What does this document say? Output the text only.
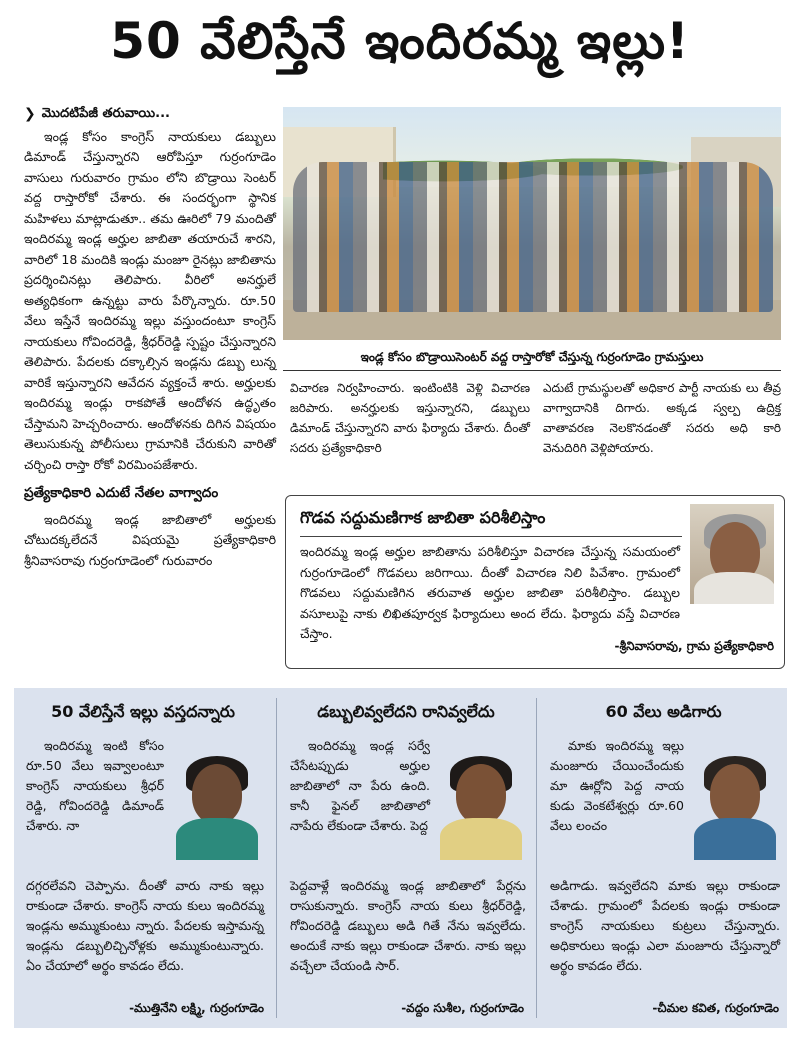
50 వేలిస్తేనే ఇందిరమ్మ ఇల్లు!
❯ మొదటిపేజీ తరువాయి...

ఇండ్ల కోసం కాంగ్రెస్ నాయకులు డబ్బులు డిమాండ్ చేస్తున్నారని ఆరోపిస్తూ గుర్రంగూడెం వాసులు గురువారం గ్రామం లోని బొడ్రాయి సెంటర్ వద్ద రాస్తారోకో చేశారు. ఈ సందర్భంగా స్థానిక మహిళలు మాట్లాడుతూ.. తమ ఊరిలో 79 మందితో ఇందిరమ్మ ఇండ్ల అర్హుల జాబితా తయారుచే శారని, వారిలో 18 మందికి ఇండ్లు మంజూ రైనట్లు జాబితాను ప్రదర్శించినట్లు తెలిపారు. వీరిలో అనర్హులే అత్యధికంగా ఉన్నట్టు వారు పేర్కొన్నారు. రూ.50 వేలు ఇస్తేనే ఇందిరమ్మ ఇల్లు వస్తుందంటూ కాంగ్రెస్ నాయకులు గోవిందరెడ్డి, శ్రీధర్‌రెడ్డి స్పష్టం చేస్తున్నారని తెలిపారు. పేదలకు దక్కాల్సిన ఇండ్లను డబ్బు లున్న వారికే ఇస్తున్నారని ఆవేదన వ్యక్తంచే శారు. అర్హులకు ఇందిరమ్మ ఇండ్లు రాకపోతే ఆందోళన ఉద్ధృతం చేస్తామని హెచ్చరించారు. ఆందోళనకు దిగిన విషయం తెలుసుకున్న పోలీసులు గ్రామానికి చేరుకుని వారితో చర్చించి రాస్తా రోకో విరమింపజేశారు.

ప్రత్యేకాధికారి ఎదుటే నేతల వాగ్వాదం

ఇందిరమ్మ ఇండ్ల జాబితాలో అర్హులకు చోటుదక్కలేదనే విషయమై ప్రత్యేకాధికారి శ్రీనివాసరావు గుర్రంగూడెంలో గురువారం

ఇండ్ల కోసం బొడ్రాయిసెంటర్ వద్ద రాస్తారోకో చేస్తున్న గుర్రంగూడెం గ్రామస్తులు
విచారణ నిర్వహించారు. ఇంటింటికి వెళ్లి విచారణ జరిపారు. అనర్హులకు ఇస్తున్నారని, డబ్బులు డిమాండ్ చేస్తున్నారని వారు ఫిర్యాదు చేశారు. దీంతో సదరు ప్రత్యేకాధికారి
ఎదుటే గ్రామస్థులతో అధికార పార్టీ నాయకు లు తీవ్ర వాగ్వాదానికి దిగారు. అక్కడ స్వల్ప ఉద్రిక్త వాతావరణ నెలకొనడంతో సదరు అధి కారి వెనుదిరిగి వెళ్లిపోయారు.
గొడవ సద్దుమణిగాక జాబితా పరిశీలిస్తాం
ఇందిరమ్మ ఇండ్ల అర్హుల జాబితాను పరిశీలిస్తూ విచారణ చేస్తున్న సమయంలో గుర్రంగూడెంలో గొడవలు జరిగాయి. దీంతో విచారణ నిలి పివేశాం. గ్రామంలో గొడవలు సద్దుమణిగిన తరువాత అర్హుల జాబితా పరిశీలిస్తాం. డబ్బుల వసూలుపై నాకు లిఖితపూర్వక ఫిర్యాదులు అంద లేదు. ఫిర్యాదు వస్తే విచారణ చేస్తాం.
-శ్రీనివాసరావు, గ్రామ ప్రత్యేకాధికారి
50 వేలిస్తేనే ఇల్లు వస్తదన్నారు
ఇందిరమ్మ ఇంటి కోసం రూ.50 వేలు ఇవ్వాలంటూ కాంగ్రెస్ నాయకులు శ్రీధర్ రెడ్డి, గోవిందరెడ్డి డిమాండ్ చేశారు. నా
దగ్గరలేవని చెప్పాను. దీంతో వారు నాకు ఇల్లు రాకుండా చేశారు. కాంగ్రెస్ నాయ కులు ఇందిరమ్మ ఇండ్లను అమ్ముకుంటు న్నారు. పేదలకు ఇస్తామన్న ఇండ్లను డబ్బులిచ్చినోళ్లకు అమ్ముకుంటున్నారు. ఏం చేయాలో అర్థం కావడం లేదు.
-ముత్తినేని లక్ష్మి, గుర్రంగూడెం
డబ్బులివ్వలేదని రానివ్వలేదు
ఇందిరమ్మ ఇండ్ల సర్వే చేసేటప్పుడు అర్హుల జాబితాలో నా పేరు ఉంది. కానీ ఫైనల్ జాబితాలో నాపేరు లేకుండా చేశారు. పెద్ద
పెద్దవాళ్లే ఇందిరమ్మ ఇండ్ల జాబితాలో పేర్లను రాసుకున్నారు. కాంగ్రెస్ నాయ కులు శ్రీధర్‌రెడ్డి, గోవిందరెడ్డి డబ్బులు అడి గితే నేను ఇవ్వలేదు. అందుకే నాకు ఇల్లు రాకుండా చేశారు. నాకు ఇల్లు వచ్చేలా చేయండి సార్.
-వద్దం సుశీల, గుర్రంగూడెం
60 వేలు అడిగారు
మాకు ఇందిరమ్మ ఇల్లు మంజూరు చేయించేందుకు మా ఊర్లోని పెద్ద నాయ కుడు వెంకటేశ్వర్లు రూ.60 వేలు లంచం
అడిగాడు. ఇవ్వలేదని మాకు ఇల్లు రాకుండా చేశాడు. గ్రామంలో పేదలకు ఇండ్లు రాకుండా కాంగ్రెస్ నాయకులు కుట్రలు చేస్తున్నారు. అధికారులు ఇండ్లు ఎలా మంజూరు చేస్తున్నారో అర్థం కావడం లేదు.
-చీమల కవిత, గుర్రంగూడెం
